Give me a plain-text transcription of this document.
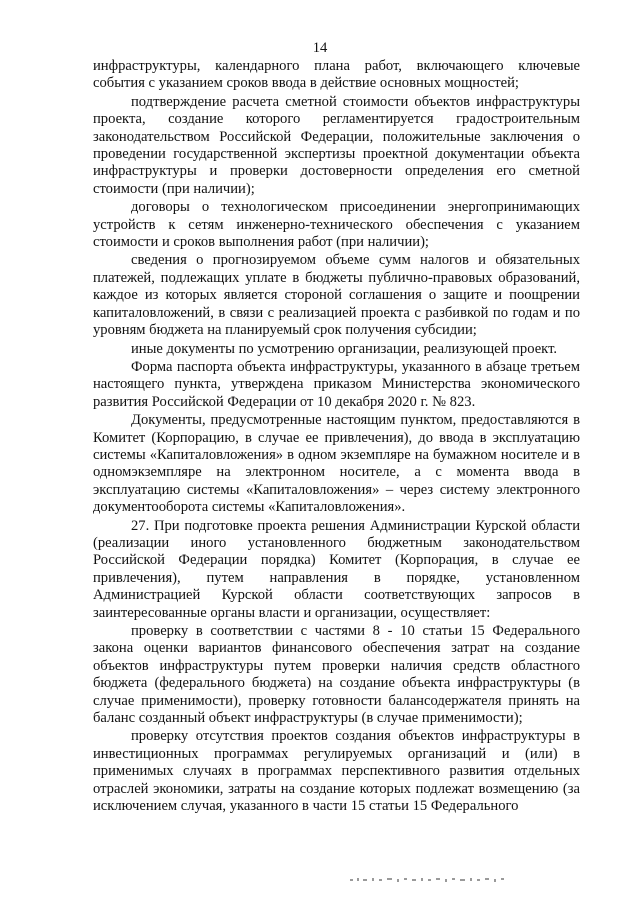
14

инфраструктуры, календарного плана работ, включающего ключевые события с указанием сроков ввода в действие основных мощностей;

подтверждение расчета сметной стоимости объектов инфраструктуры проекта, создание которого регламентируется градостроительным законодательством Российской Федерации, положительные заключения о проведении государственной экспертизы проектной документации объекта инфраструктуры и проверки достоверности определения его сметной стоимости (при наличии);

договоры о технологическом присоединении энергопринимающих устройств к сетям инженерно-технического обеспечения с указанием стоимости и сроков выполнения работ (при наличии);

сведения о прогнозируемом объеме сумм налогов и обязательных платежей, подлежащих уплате в бюджеты публично-правовых образований, каждое из которых является стороной соглашения о защите и поощрении капиталовложений, в связи с реализацией проекта с разбивкой по годам и по уровням бюджета на планируемый срок получения субсидии;

иные документы по усмотрению организации, реализующей проект.

Форма паспорта объекта инфраструктуры, указанного в абзаце третьем настоящего пункта, утверждена приказом Министерства экономического развития Российской Федерации от 10 декабря 2020 г. № 823.

Документы, предусмотренные настоящим пунктом, предоставляются в Комитет (Корпорацию, в случае ее привлечения), до ввода в эксплуатацию системы «Капиталовложения» в одном экземпляре на бумажном носителе и в одномэкземпляре на электронном носителе, а с момента ввода в эксплуатацию системы «Капиталовложения» – через систему электронного документооборота системы «Капиталовложения».

27. При подготовке проекта решения Администрации Курской области (реализации иного установленного бюджетным законодательством Российской Федерации порядка) Комитет (Корпорация, в случае ее привлечения), путем направления в порядке, установленном Администрацией Курской области соответствующих запросов в заинтересованные органы власти и организации, осуществляет:

проверку в соответствии с частями 8 - 10 статьи 15 Федерального закона оценки вариантов финансового обеспечения затрат на создание объектов инфраструктуры путем проверки наличия средств областного бюджета (федерального бюджета) на создание объекта инфраструктуры (в случае применимости), проверку готовности балансодержателя принять на баланс созданный объект инфраструктуры (в случае применимости);

проверку отсутствия проектов создания объектов инфраструктуры в инвестиционных программах регулируемых организаций и (или) в применимых случаях в программах перспективного развития отдельных отраслей экономики, затраты на создание которых подлежат возмещению (за исключением случая, указанного в части 15 статьи 15 Федерального
